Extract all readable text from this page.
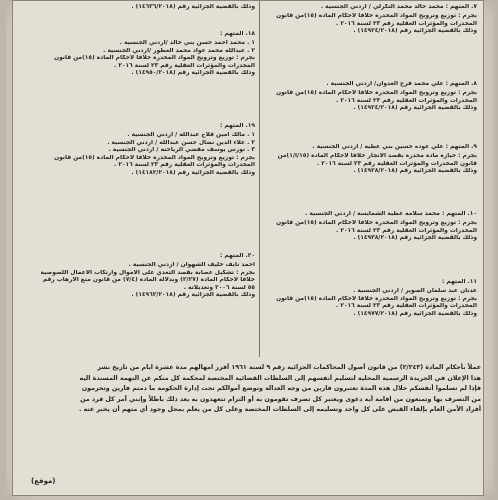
٧. المتهم : محمد خالد محمد التكرلي / اردني الجنسية .

بجرم : توزيع وترويج المواد المخدرة خلافاً لأحكام المادة (١٥)من قانون

المخدرات والمؤثرات العقلية رقم ٢٣ لسنة ٢٠١٦ .

وذلك بالقضية الجزائية رقم (١٤٩٢٤/٢٠١٨) .

٨. المتهم : علي محمد فرج العدوان/ اردني الجنسية .

بجرم : توزيع وترويج المواد المخدرة خلافاً لأحكام المادة (١٥)من قانون

المخدرات والمؤثرات العقلية رقم ٢٣ لسنة ٢٠١٦ .

وذلك بالقضية الجزائية رقم (١٤٩٢٤/٢٠١٨) .

٩. المتهم : علي عوده حسين بني عطيه / اردني الجنسية .

بجرم : حيازة مادة مخدرة بقصد الاتجار خلافاً لأحكام المادة (١٥/أ/١)من

قانون المخدرات والمؤثرات العقلية رقم ٢٣ لسنة ٢٠١٦ .

وذلك بالقضية الجزائية رقم (١٤٩٢٨/٢٠١٨) .

١٠. المتهم : محمد سلامه عطية الشمايسة / اردني الجنسية .

بجرم : توزيع وترويج المواد المخدرة خلافاً لأحكام المادة (١٥)من قانون

المخدرات والمؤثرات العقلية رقم ٢٣ لسنة ٢٠١٦ .

وذلك بالقضية الجزائية رقم (١٤٩٣٨/٢٠١٨) .

١١. المتهم :

عدنان عبد سلمان الصوير / اردني الجنسية .

بجرم : توزيع وترويج المواد المخدرة خلافاً لأحكام المادة (١٥)من قانون

المخدرات والمؤثرات العقلية رقم ٢٣ لسنة ٢٠١٦ .

وذلك بالقضية الجزائية رقم (١٤٩٧٧/٢٠١٨) .

وذلك بالقضية الجزائية رقم (١٤٦٣٦/٢٠١٨) .

١٨. المتهم :

١ . محمد احمد حسن بني خالد /اردني الجنسية .

٢ . عبدالله محمد عواد محمد العطور /اردني الجنسية .

بجرم : توزيع وترويج المواد المخدرة خلافاً لأحكام المادة (١٥)من قانون

المخدرات والمؤثرات العقلية رقم ٢٣ لسنة ٢٠١٦ .

وذلك بالقضية الجزائية رقم (١٤٩٥٠/٢٠١٨) .

١٩. المتهم :

١ . مالك امين فلاح عبدالله / اردني الجنسية .

٢ . علاء الدين نضال حسن عبدالله / اردني الجنسية .

٣ . نورس يوسف مفضي الرياحنه / اردني الجنسية .

بجرم : توزيع وترويج المواد المخدرة خلافاً لأحكام المادة (١٥)من قانون

المخدرات والمؤثرات العقلية رقم ٢٣ لسنة ٢٠١٦ .

وذلك بالقضية الجزائية رقم (١٤١٨٢/٢٠١٨) .

٢٠. المتهم :

احمد نايف خليف الشهوان / اردني الجنسية .

بجرم : تشكيل عصابة بقصد التعدي على الاموال وارتكاب الاعمال اللصوصية

خلافاً لأحكام المادة (٢/٢٧) وبدلالة المادة (٧/٤) من قانون منع الارهاب رقم

٥٥ لسنة ٢٠٠٦ وتعديلاته .

وذلك بالقضية الجزائية رقم (١٤٩٦٢/٢٠١٨) .

عملاً بأحكام المادة (٢/٢٤٣) من قانون أصول المحاكمات الجزائية رقم ٩ لسنة ١٩٦١ أقرر امهالهم مدة عشرة ايام من تاريخ نشر

هذا الإعلان في الجريدة الرسمية المحلية لتسليم أنفسهم إلى السلطات القضائية المختصة لمحكمة كل منكم عن التهمة المسندة اليه

فإذا لم تسلموا أنفسكم خلال هذه المدة تعتبرون فارين من وجه العدالة وتوضع أموالكم تحت إدارة الحكومة ما دمتم فارين وتحرمون

من التصرف بها وتمنعون من اقامة أية دعوى ويعتبر كل تصرف تقومون به أو التزام تتعهدون به بعد ذلك باطلاً وإنني آمر كل فرد من

أفراد الأمن العام بإلقاء القبض على كل واحد وتسليمه إلى السلطات المختصة وعلى كل من يعلم بمحل وجود أي متهم أن يخبر عنه .

(موقع)
